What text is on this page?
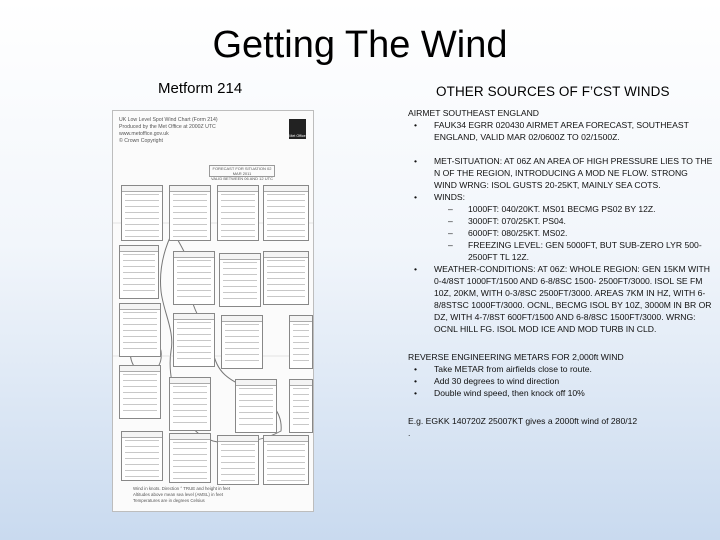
Getting The Wind
Metform 214	OTHER SOURCES OF F’CST WINDS
UK Low Level Spot Wind Chart (Form 214)
Produced by the Met Office at 2000Z UTC
www.metoffice.gov.uk
© Crown Copyright
Met Office
FORECAST FOR SITUATION 02 MAR 2011
VALID BETWEEN 06 AND 12 UTC
Wind in knots. Direction ° TRUE and height in feet
Altitudes above mean sea level (AMSL) in feet
Temperatures are in degrees Celsius

AIRMET SOUTHEAST ENGLAND

• FAUK34 EGRR 020430 AIRMET AREA FORECAST, SOUTHEAST ENGLAND, VALID MAR 02/0600Z TO 02/1500Z.
• MET-SITUATION: AT 06Z AN AREA OF HIGH PRESSURE LIES TO THE N OF THE REGION, INTRODUCING A MOD NE FLOW. STRONG WIND WRNG: ISOL GUSTS 20-25KT, MAINLY SEA COTS.
• WINDS:
– 1000FT: 040/20KT. MS01 BECMG PS02 BY 12Z.
– 3000FT: 070/25KT. PS04.
– 6000FT: 080/25KT. MS02.
– FREEZING LEVEL: GEN 5000FT, BUT SUB-ZERO LYR 500-2500FT TL 12Z.
• WEATHER-CONDITIONS: AT 06Z: WHOLE REGION: GEN 15KM WITH 0-4/8ST 1000FT/1500 AND 6-8/8SC 1500- 2500FT/3000. ISOL SE FM 10Z, 20KM, WITH 0-3/8SC 2500FT/3000. AREAS 7KM IN HZ, WITH 6-8/8STSC 1000FT/3000. OCNL, BECMG ISOL BY 10Z, 3000M IN BR OR DZ, WITH 4-7/8ST 600FT/1500 AND 6-8/8SC 1500FT/3000. WRNG: OCNL HILL FG. ISOL MOD ICE AND MOD TURB IN CLD.

REVERSE ENGINEERING METARS FOR 2,000ft WIND

• Take METAR from airfields close to route.
• Add 30 degrees to wind direction
• Double wind speed, then knock off 10%

E.g. EGKK 140720Z 25007KT gives a 2000ft wind of 280/12

.
